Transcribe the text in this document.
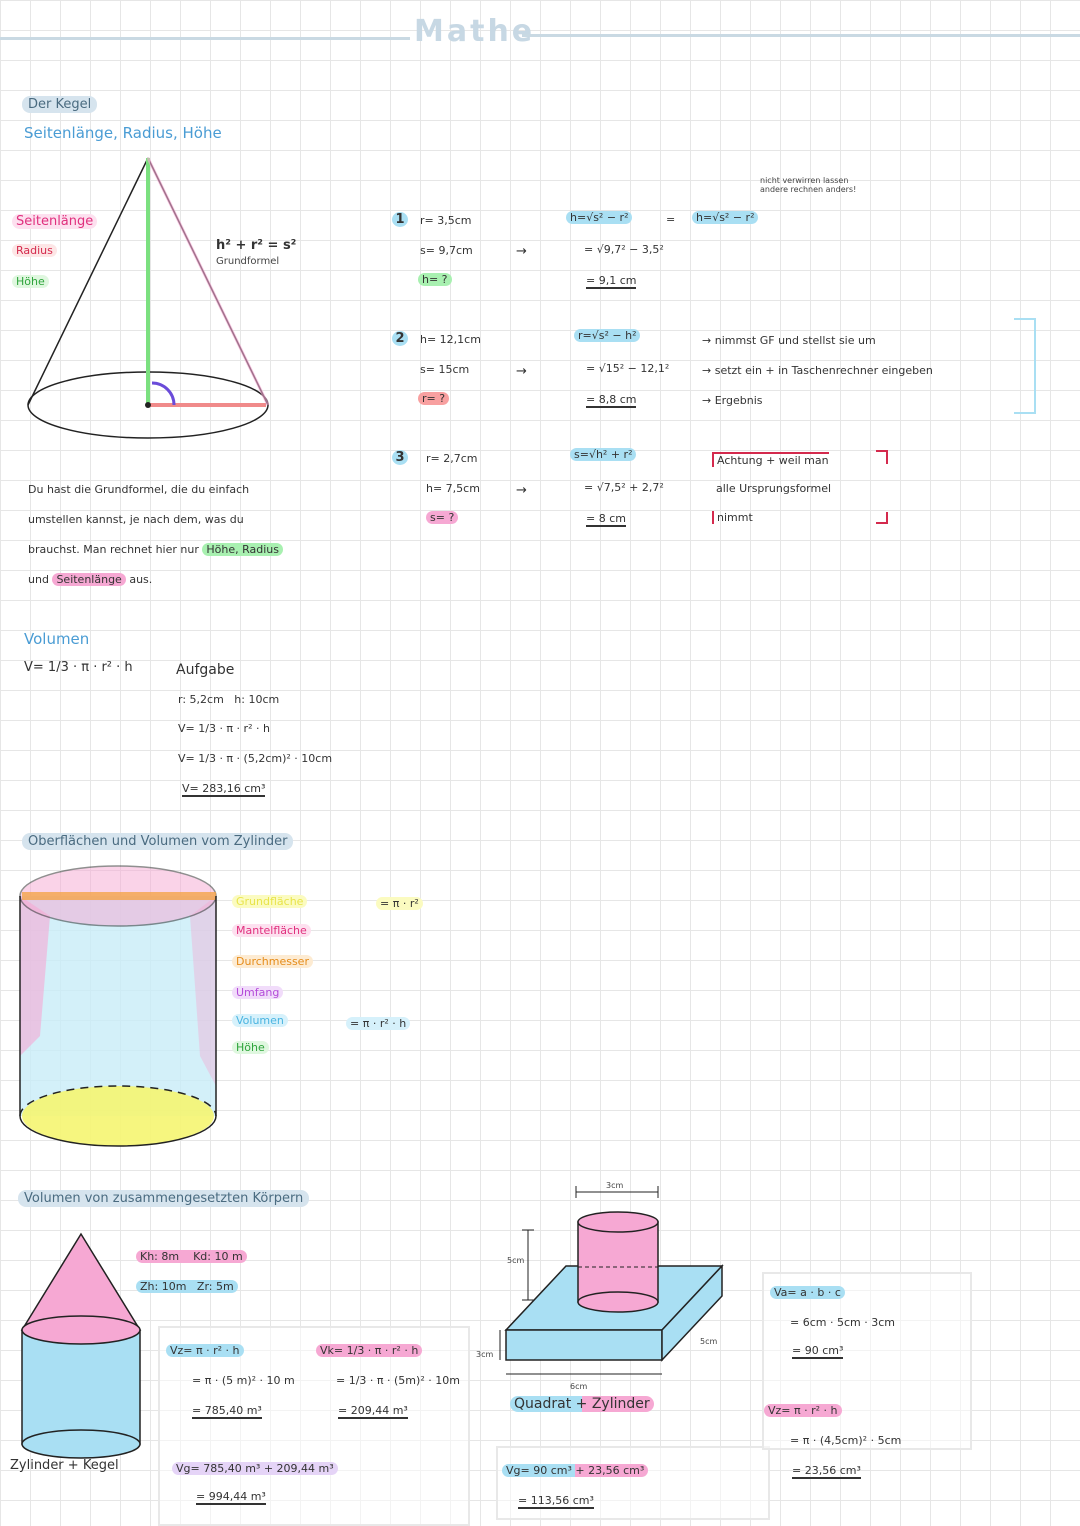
Mathe
Der Kegel
Seitenlänge, Radius, Höhe
Seitenlänge
Radius
Höhe
h² + r² = s²
Grundformel
1	r= 3,5cm
s= 9,7cm
h= ?
→
h=√s² − r²	=	h=√s² − r²
= √9,7² − 3,5²
= 9,1 cm
nicht verwirren lassen
andere rechnen anders!
2	h= 12,1cm
s= 15cm
r= ?
→
r=√s² − h²
= √15² − 12,1²
= 8,8 cm
→ nimmst GF und stellst sie um
→ setzt ein + in Taschenrechner eingeben
→ Ergebnis
3	r= 2,7cm
h= 7,5cm
s= ?
→
s=√h² + r²
= √7,5² + 2,7²
= 8 cm
Achtung + weil man
alle Ursprungsformel
nimmt
Du hast die Grundformel, die du einfach
umstellen kannst, je nach dem, was du
brauchst. Man rechnet hier nur Höhe, Radius
und Seitenlänge aus.
Volumen
V= 1/3 · π · r² · h	Aufgabe
r: 5,2cm   h: 10cm
V= 1/3 · π · r² · h
V= 1/3 · π · (5,2cm)² · 10cm
V= 283,16 cm³
Oberflächen und Volumen vom Zylinder
Grundfläche
Mantelfläche
Durchmesser
Umfang
Volumen
Höhe
= π · r²
= π · r² · h
Volumen von zusammengesetzten Körpern
Zylinder + Kegel
Kh: 8m    Kd: 10 m
Zh: 10m   Zr: 5m
Vz= π · r² · h
= π · (5 m)² · 10 m
= 785,40 m³
Vk= 1/3 · π · r² · h
= 1/3 · π · (5m)² · 10m
= 209,44 m³
Vg= 785,40 m³ + 209,44 m³
= 994,44 m³
3cm
5cm
3cm
5cm
6cm
Quadrat + Zylinder
Vg= 90 cm³ + 23,56 cm³
= 113,56 cm³
Va= a · b · c
= 6cm · 5cm · 3cm
= 90 cm³
Vz= π · r² · h
= π · (4,5cm)² · 5cm
= 23,56 cm³
